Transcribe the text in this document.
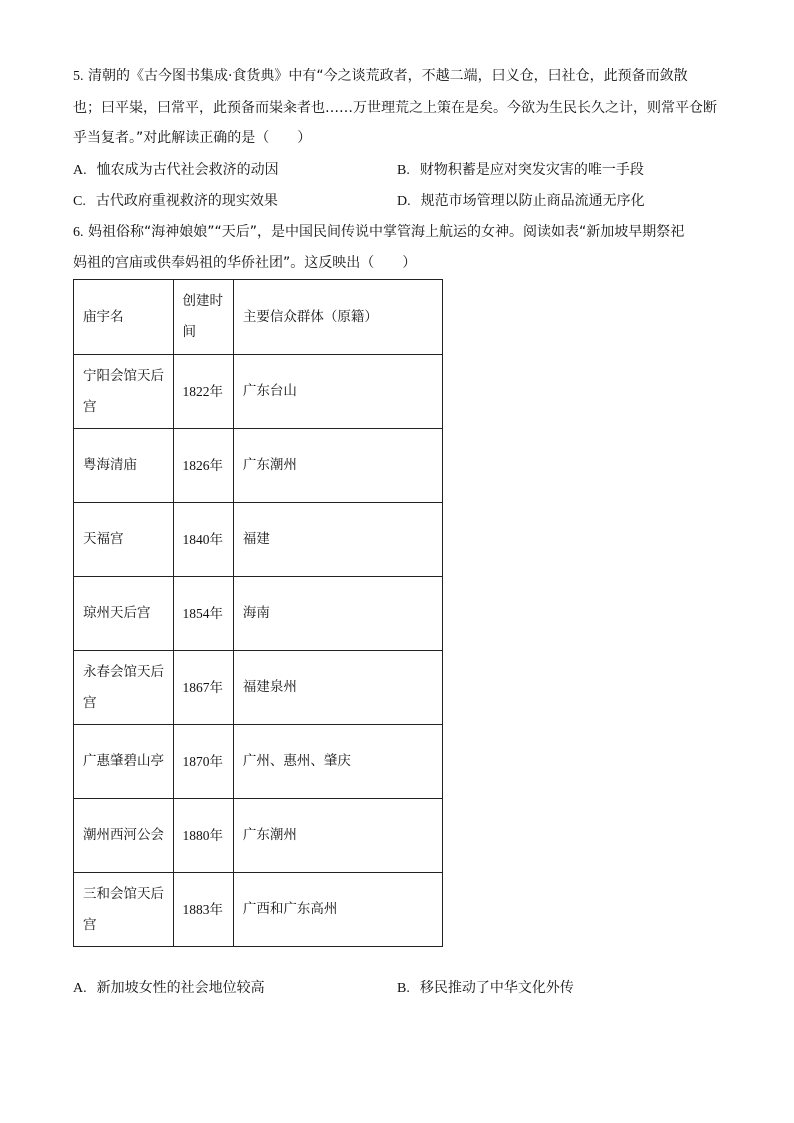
5. 清朝的《古今图书集成·食货典》中有“今之谈荒政者，不越二端，曰义仓，曰社仓，此预备而敛散
也；曰平粜，曰常平，此预备而粜籴者也……万世理荒之上策在是矣。今欲为生民长久之计，则常平仓断
乎当复者。”对此解读正确的是（　　）
A. 恤农成为古代社会救济的动因	B. 财物积蓄是应对突发灾害的唯一手段
C. 古代政府重视救济的现实效果	D. 规范市场管理以防止商品流通无序化
6. 妈祖俗称“海神娘娘”“天后”，是中国民间传说中掌管海上航运的女神。阅读如表“新加坡早期祭祀
妈祖的宫庙或供奉妈祖的华侨社团”。这反映出（　　）
庙宇名	创建时间	主要信众群体（原籍）
宁阳会馆天后宫	1822年	广东台山
粤海清庙	1826年	广东潮州
天福宫	1840年	福建
琼州天后宫	1854年	海南
永春会馆天后宫	1867年	福建泉州
广惠肇碧山亭	1870年	广州、惠州、肇庆
潮州西河公会	1880年	广东潮州
三和会馆天后宫	1883年	广西和广东高州
A. 新加坡女性的社会地位较高	B. 移民推动了中华文化外传
